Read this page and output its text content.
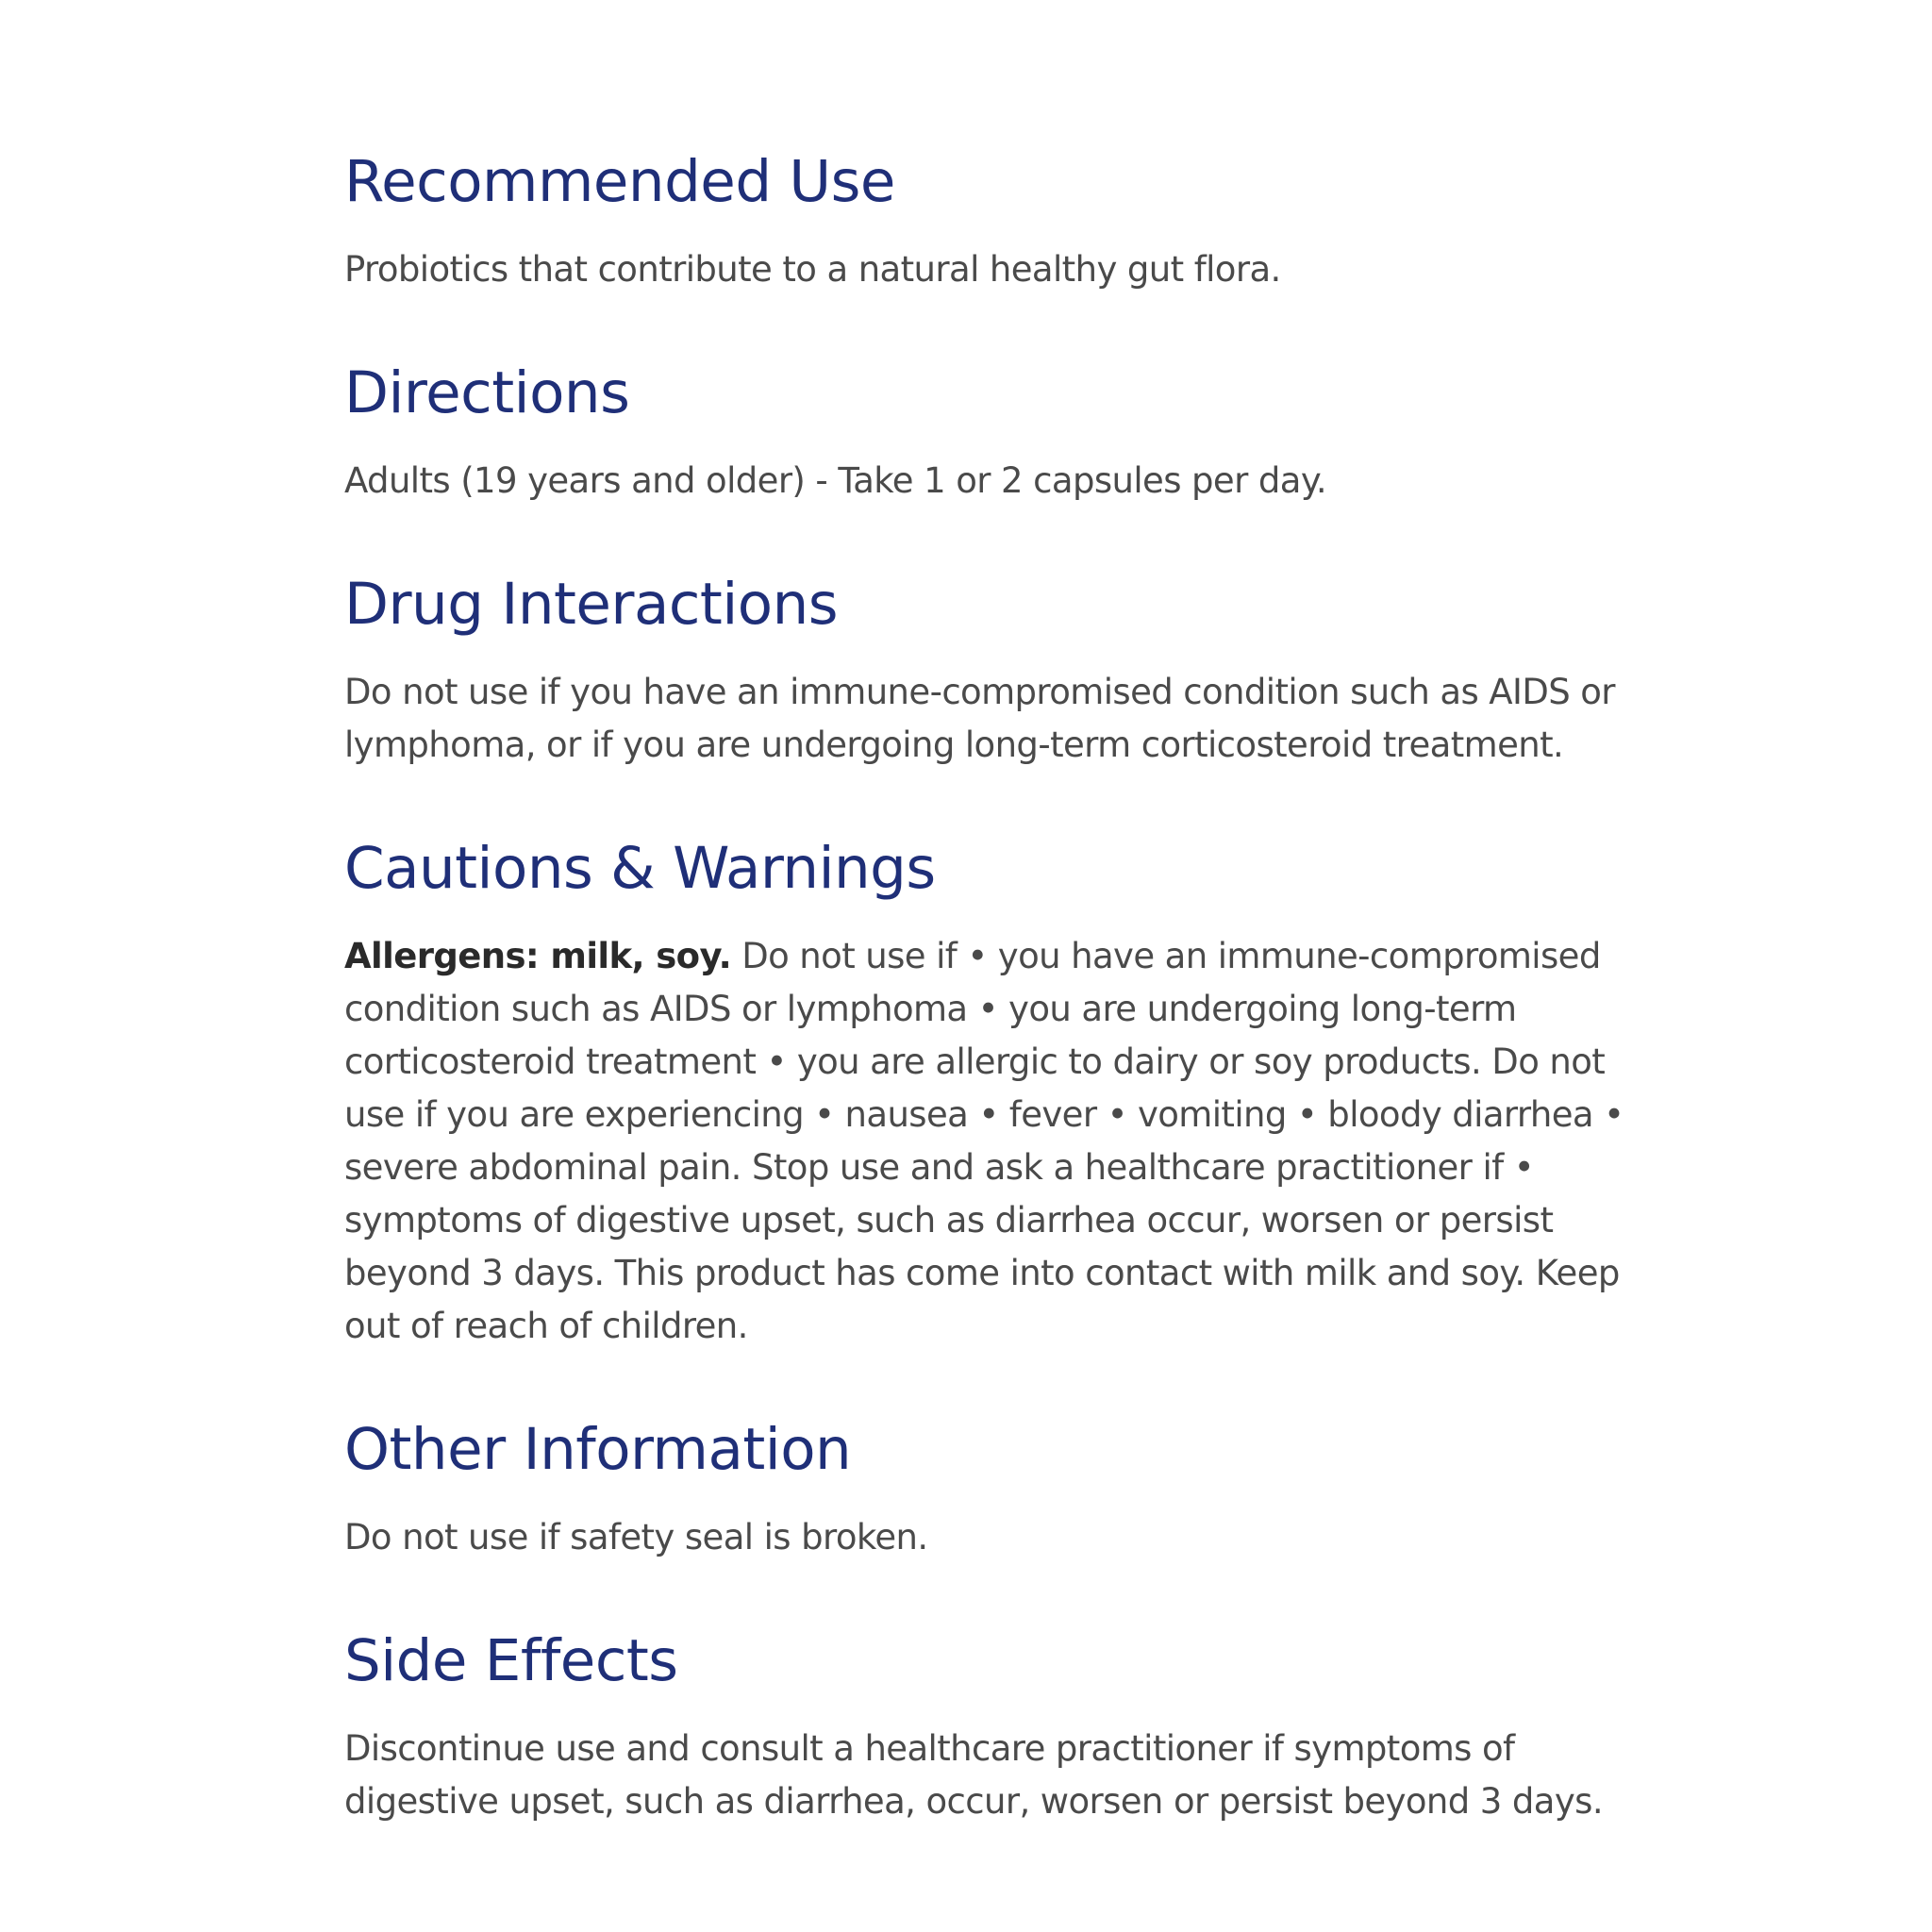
Recommended Use

Probiotics that contribute to a natural healthy gut flora.

Directions

Adults (19 years and older) - Take 1 or 2 capsules per day.

Drug Interactions

Do not use if you have an immune-compromised condition such as AIDS or lymphoma, or if you are undergoing long-term corticosteroid treatment.

Cautions & Warnings

Allergens: milk, soy. Do not use if • you have an immune-compromised condition such as AIDS or lymphoma • you are undergoing long-term corticosteroid treatment • you are allergic to dairy or soy products. Do not use if you are experiencing • nausea • fever • vomiting • bloody diarrhea • severe abdominal pain. Stop use and ask a healthcare practitioner if • symptoms of digestive upset, such as diarrhea occur, worsen or persist beyond 3 days. This product has come into contact with milk and soy. Keep out of reach of children.

Other Information

Do not use if safety seal is broken.

Side Effects

Discontinue use and consult a healthcare practitioner if symptoms of digestive upset, such as diarrhea, occur, worsen or persist beyond 3 days.
